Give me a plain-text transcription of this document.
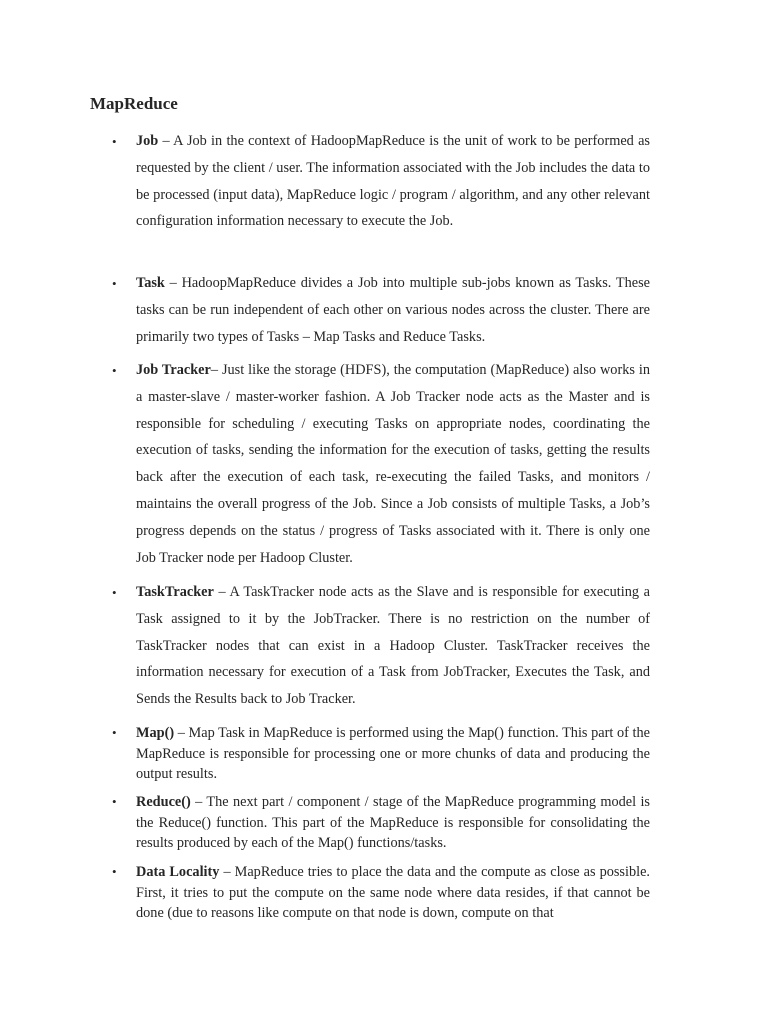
MapReduce
• Job – A Job in the context of HadoopMapReduce is the unit of work to be performed as requested by the client / user. The information associated with the Job includes the data to be processed (input data), MapReduce logic / program / algorithm, and any other relevant configuration information necessary to execute the Job.

• Task – HadoopMapReduce divides a Job into multiple sub-jobs known as Tasks. These tasks can be run independent of each other on various nodes across the cluster. There are primarily two types of Tasks – Map Tasks and Reduce Tasks.

• Job Tracker– Just like the storage (HDFS), the computation (MapReduce) also works in a master-slave / master-worker fashion. A Job Tracker node acts as the Master and is responsible for scheduling / executing Tasks on appropriate nodes, coordinating the execution of tasks, sending the information for the execution of tasks, getting the results back after the execution of each task, re-executing the failed Tasks, and monitors / maintains the overall progress of the Job. Since a Job consists of multiple Tasks, a Job’s progress depends on the status / progress of Tasks associated with it. There is only one Job Tracker node per Hadoop Cluster.

• TaskTracker – A TaskTracker node acts as the Slave and is responsible for executing a Task assigned to it by the JobTracker. There is no restriction on the number of TaskTracker nodes that can exist in a Hadoop Cluster. TaskTracker receives the information necessary for execution of a Task from JobTracker, Executes the Task, and Sends the Results back to Job Tracker.

• Map() – Map Task in MapReduce is performed using the Map() function. This part of the MapReduce is responsible for processing one or more chunks of data and producing the output results.

• Reduce() – The next part / component / stage of the MapReduce programming model is the Reduce() function. This part of the MapReduce is responsible for consolidating the results produced by each of the Map() functions/tasks.

• Data Locality – MapReduce tries to place the data and the compute as close as possible. First, it tries to put the compute on the same node where data resides, if that cannot be done (due to reasons like compute on that node is down, compute on that
